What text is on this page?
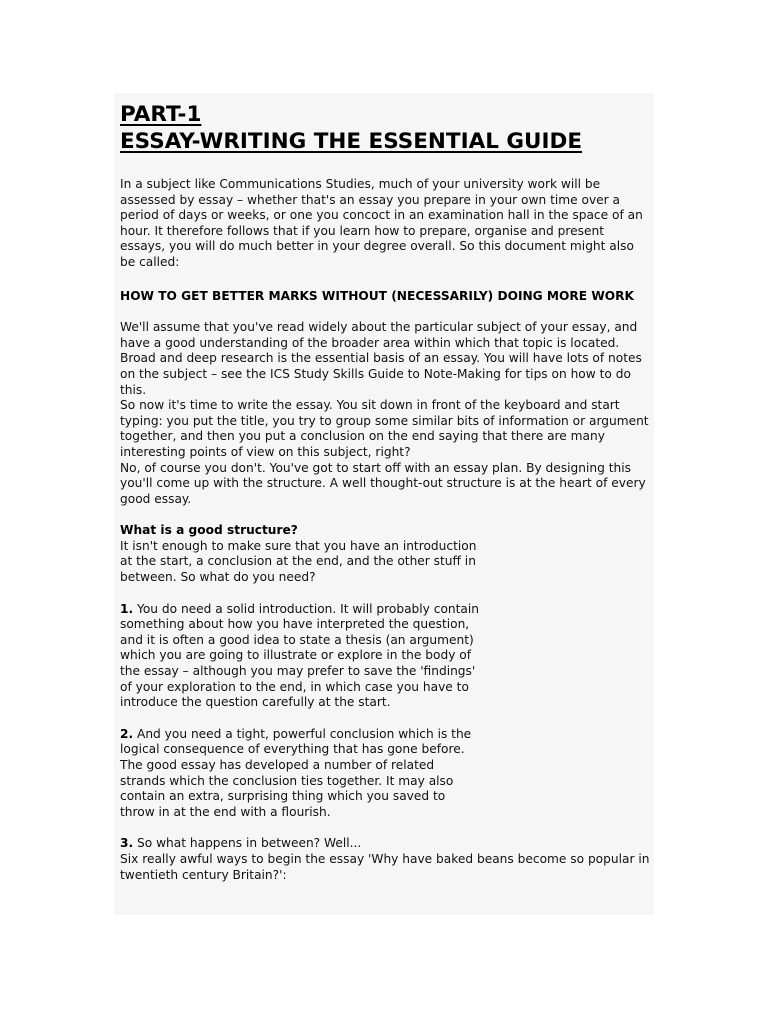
PART-1
ESSAY-WRITING THE ESSENTIAL GUIDE

In a subject like Communications Studies, much of your university work will be assessed by essay – whether that's an essay you prepare in your own time over a period of days or weeks, or one you concoct in an examination hall in the space of an hour. It therefore follows that if you learn how to prepare, organise and present essays, you will do much better in your degree overall. So this document might also be called:

HOW TO GET BETTER MARKS WITHOUT (NECESSARILY) DOING MORE WORK

We'll assume that you've read widely about the particular subject of your essay, and have a good understanding of the broader area within which that topic is located. Broad and deep research is the essential basis of an essay. You will have lots of notes on the subject – see the ICS Study Skills Guide to Note-Making for tips on how to do this.

So now it's time to write the essay. You sit down in front of the keyboard and start typing: you put the title, you try to group some similar bits of information or argument together, and then you put a conclusion on the end saying that there are many interesting points of view on this subject, right?

No, of course you don't. You've got to start off with an essay plan. By designing this you'll come up with the structure. A well thought-out structure is at the heart of every good essay.

What is a good structure?

It isn't enough to make sure that you have an introduction at the start, a conclusion at the end, and the other stuff in between. So what do you need?

1. You do need a solid introduction. It will probably contain something about how you have interpreted the question, and it is often a good idea to state a thesis (an argument) which you are going to illustrate or explore in the body of the essay – although you may prefer to save the 'findings' of your exploration to the end, in which case you have to introduce the question carefully at the start.

2. And you need a tight, powerful conclusion which is the logical consequence of everything that has gone before. The good essay has developed a number of related strands which the conclusion ties together. It may also contain an extra, surprising thing which you saved to throw in at the end with a flourish.

3. So what happens in between? Well...

Six really awful ways to begin the essay 'Why have baked beans become so popular in twentieth century Britain?':
